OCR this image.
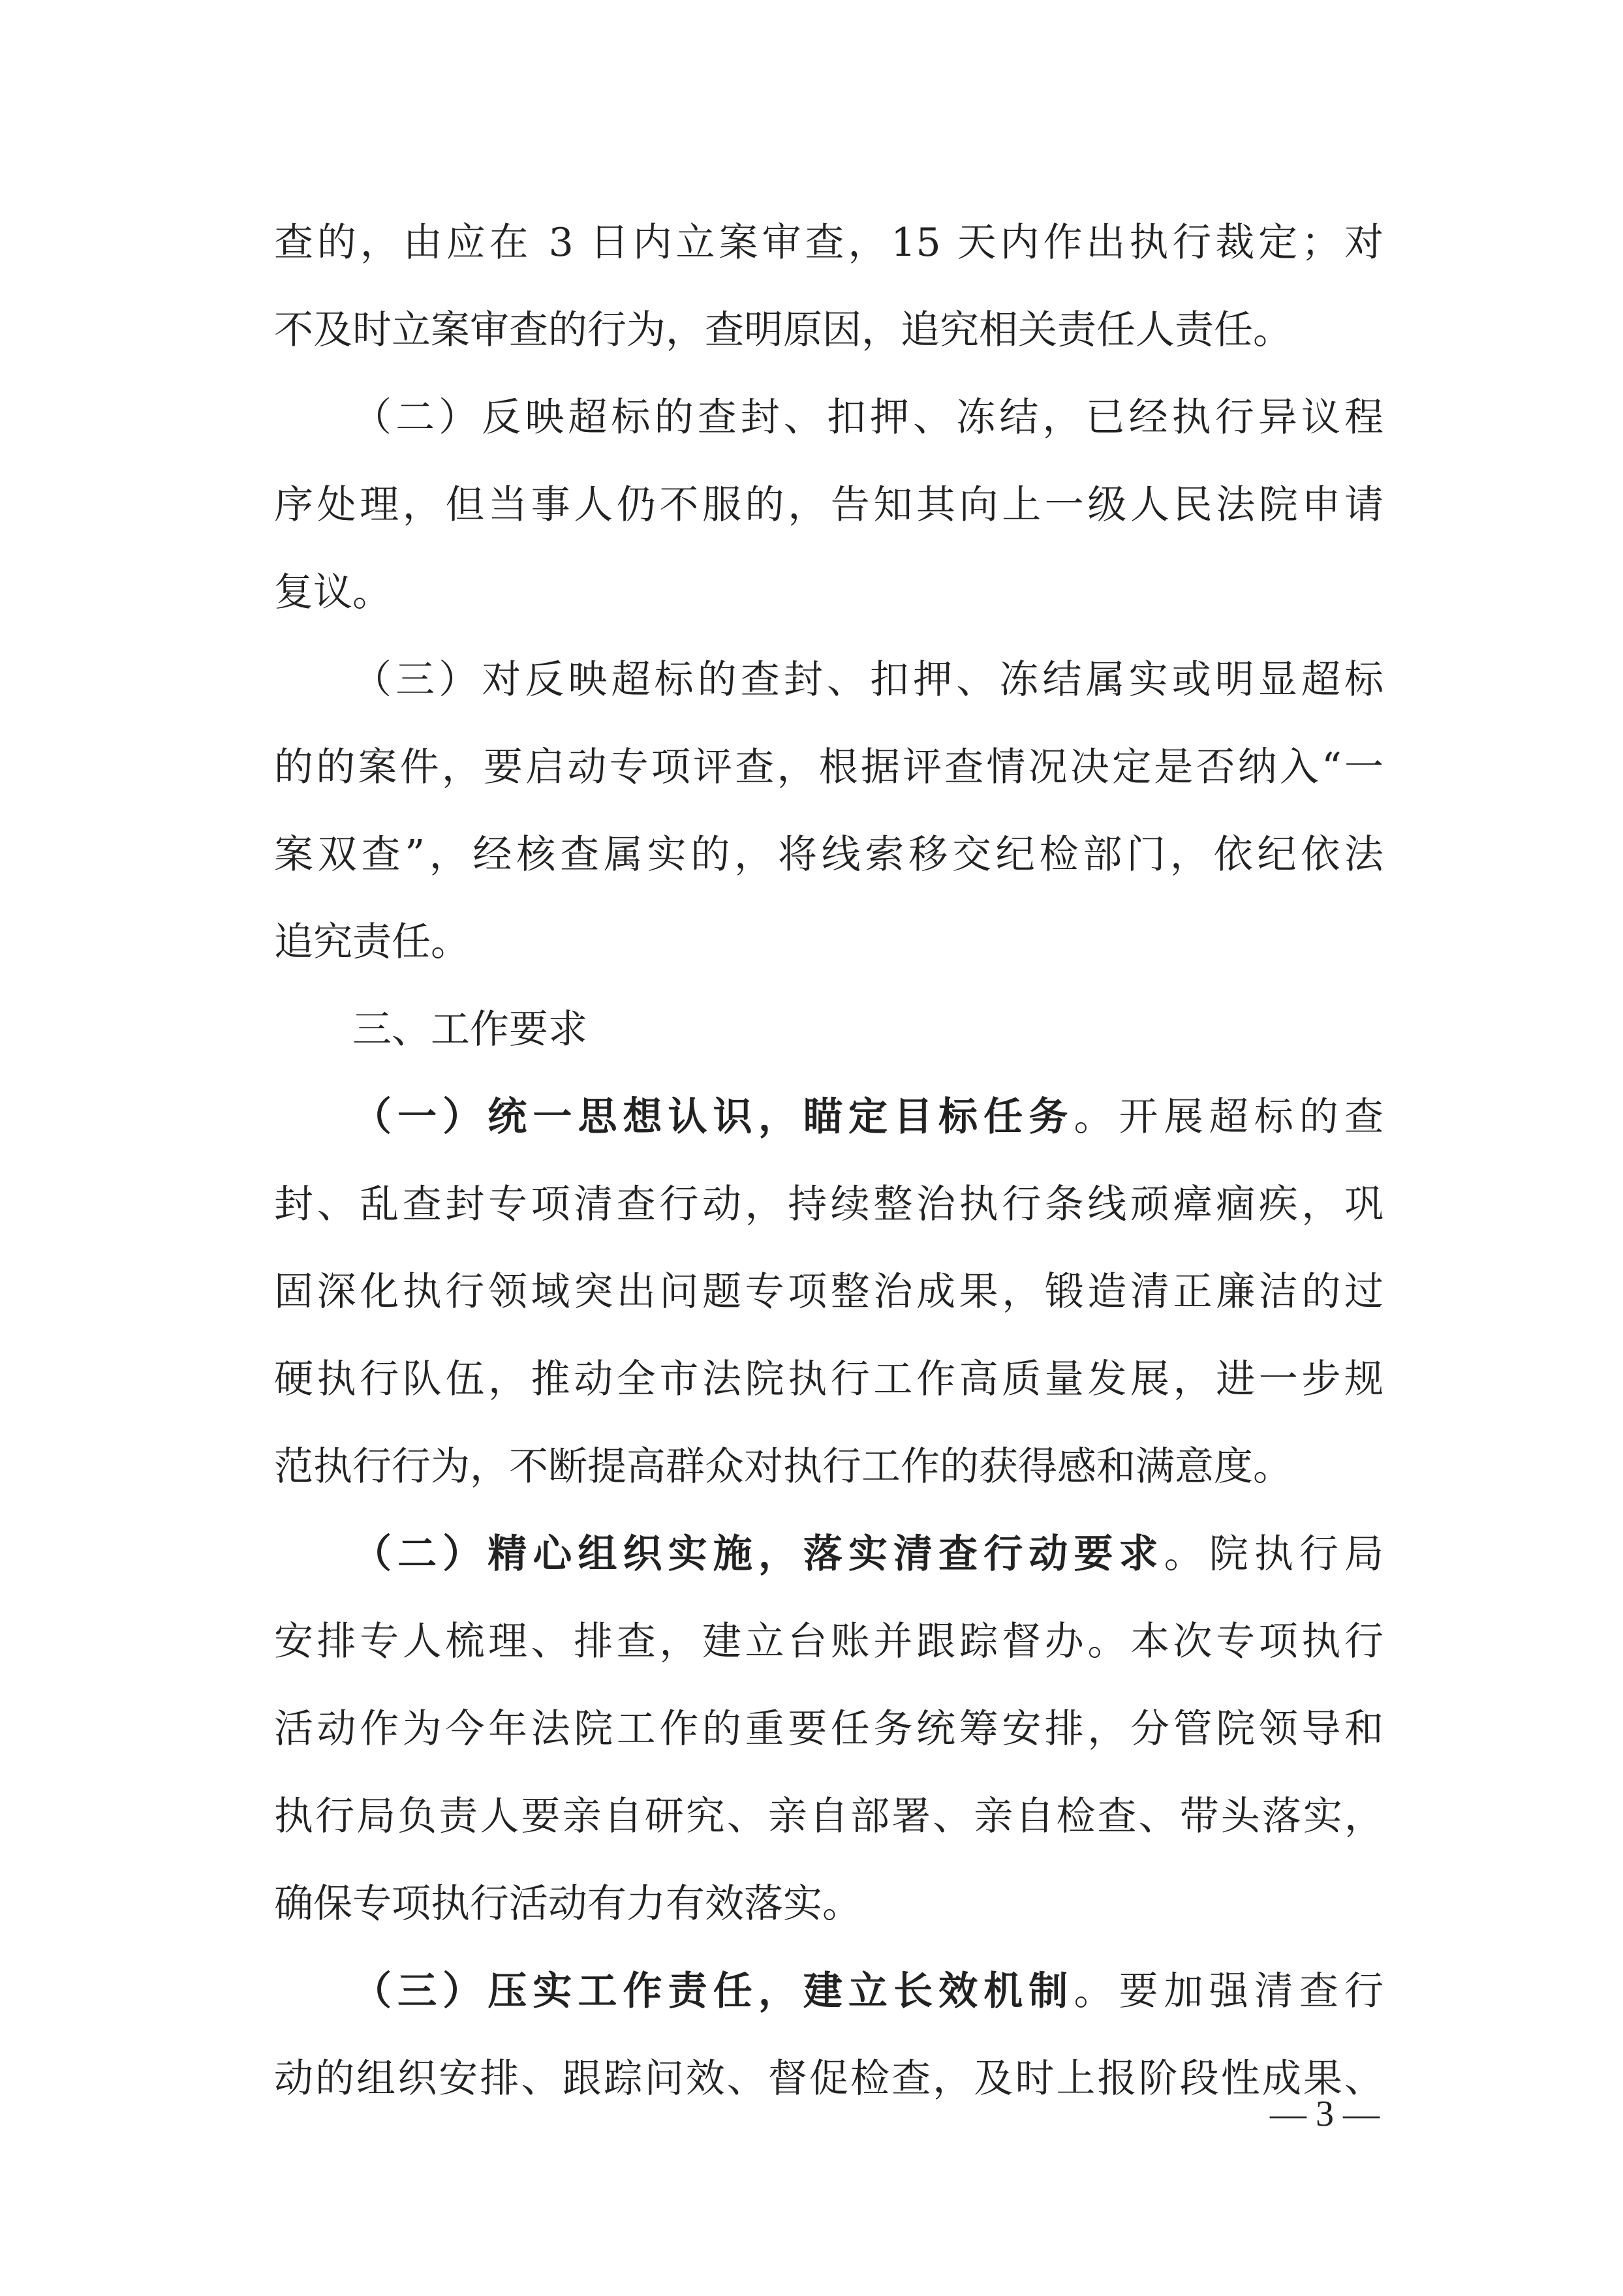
查的，由应在 3 日内立案审查，15 天内作出执行裁定；对
不及时立案审查的行为，查明原因，追究相关责任人责任。
（二）反映超标的查封、扣押、冻结，已经执行异议程
序处理，但当事人仍不服的，告知其向上一级人民法院申请
复议。
（三）对反映超标的查封、扣押、冻结属实或明显超标
的的案件，要启动专项评查，根据评查情况决定是否纳入“一
案双查”，经核查属实的，将线索移交纪检部门，依纪依法
追究责任。
三、工作要求
（一）统一思想认识，瞄定目标任务。开展超标的查
封、乱查封专项清查行动，持续整治执行条线顽瘴痼疾，巩
固深化执行领域突出问题专项整治成果，锻造清正廉洁的过
硬执行队伍，推动全市法院执行工作高质量发展，进一步规
范执行行为，不断提高群众对执行工作的获得感和满意度。
（二）精心组织实施，落实清查行动要求。院执行局
安排专人梳理、排查，建立台账并跟踪督办。本次专项执行
活动作为今年法院工作的重要任务统筹安排，分管院领导和
执行局负责人要亲自研究、亲自部署、亲自检查、带头落实，
确保专项执行活动有力有效落实。
（三）压实工作责任，建立长效机制。要加强清查行
动的组织安排、跟踪问效、督促检查，及时上报阶段性成果、
— 3 —
